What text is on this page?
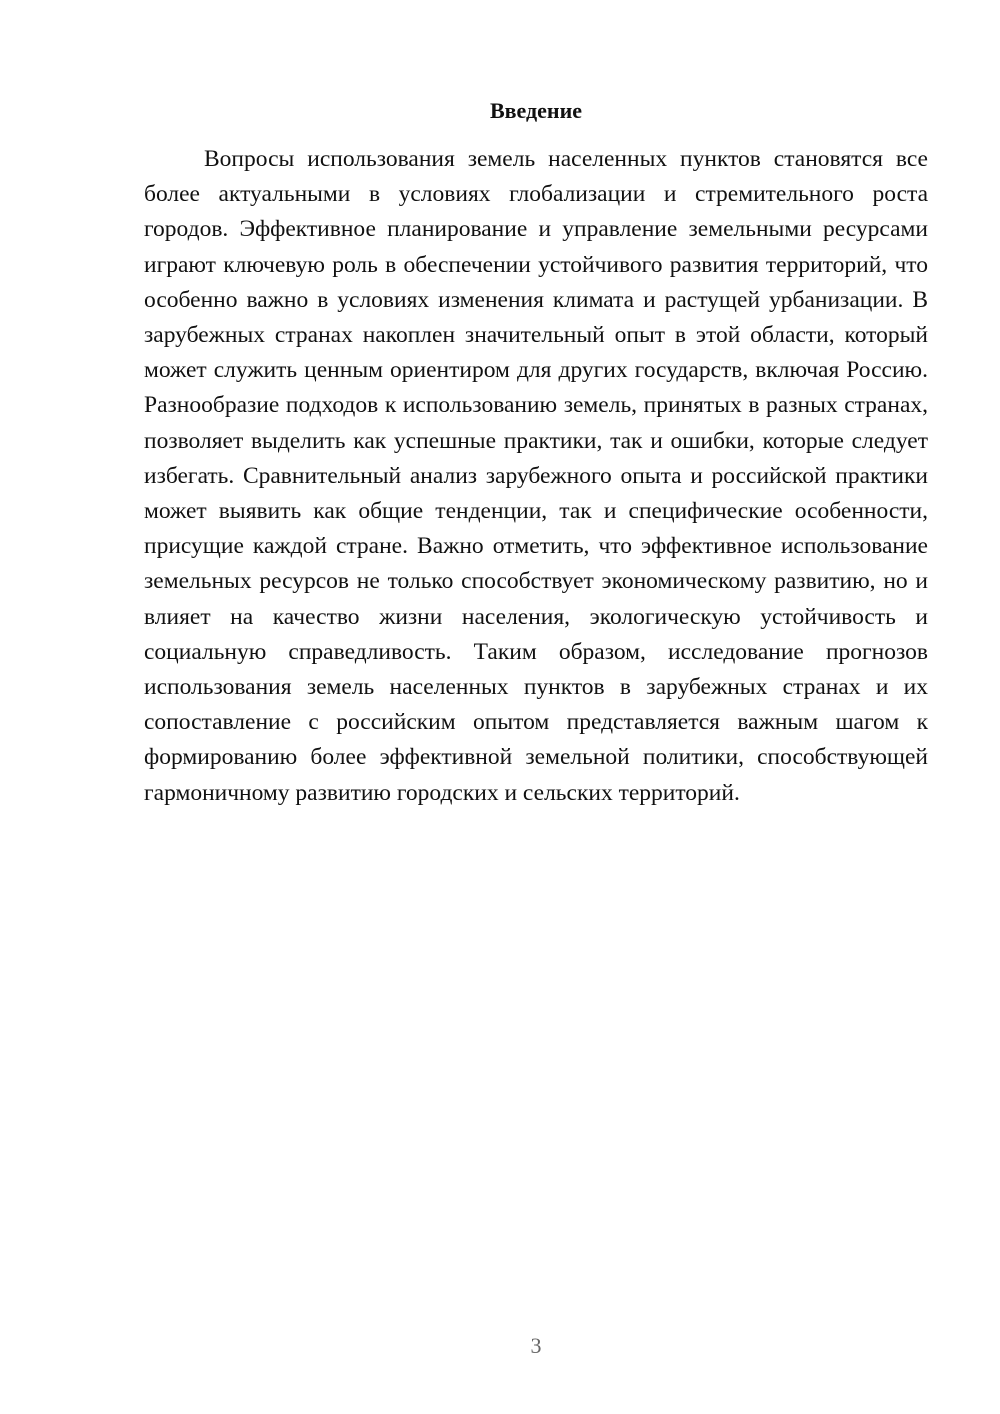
Введение

Вопросы использования земель населенных пунктов становятся все более актуальными в условиях глобализации и стремительного роста городов. Эффективное планирование и управление земельными ресурсами играют ключевую роль в обеспечении устойчивого развития территорий, что особенно важно в условиях изменения климата и растущей урбанизации. В зарубежных странах накоплен значительный опыт в этой области, который может служить ценным ориентиром для других государств, включая Россию. Разнообразие подходов к использованию земель, принятых в разных странах, позволяет выделить как успешные практики, так и ошибки, которые следует избегать. Сравнительный анализ зарубежного опыта и российской практики может выявить как общие тенденции, так и специфические особенности, присущие каждой стране. Важно отметить, что эффективное использование земельных ресурсов не только способствует экономическому развитию, но и влияет на качество жизни населения, экологическую устойчивость и социальную справедливость. Таким образом, исследование прогнозов использования земель населенных пунктов в зарубежных странах и их сопоставление с российским опытом представляется важным шагом к формированию более эффективной земельной политики, способствующей гармоничному развитию городских и сельских территорий.

3
